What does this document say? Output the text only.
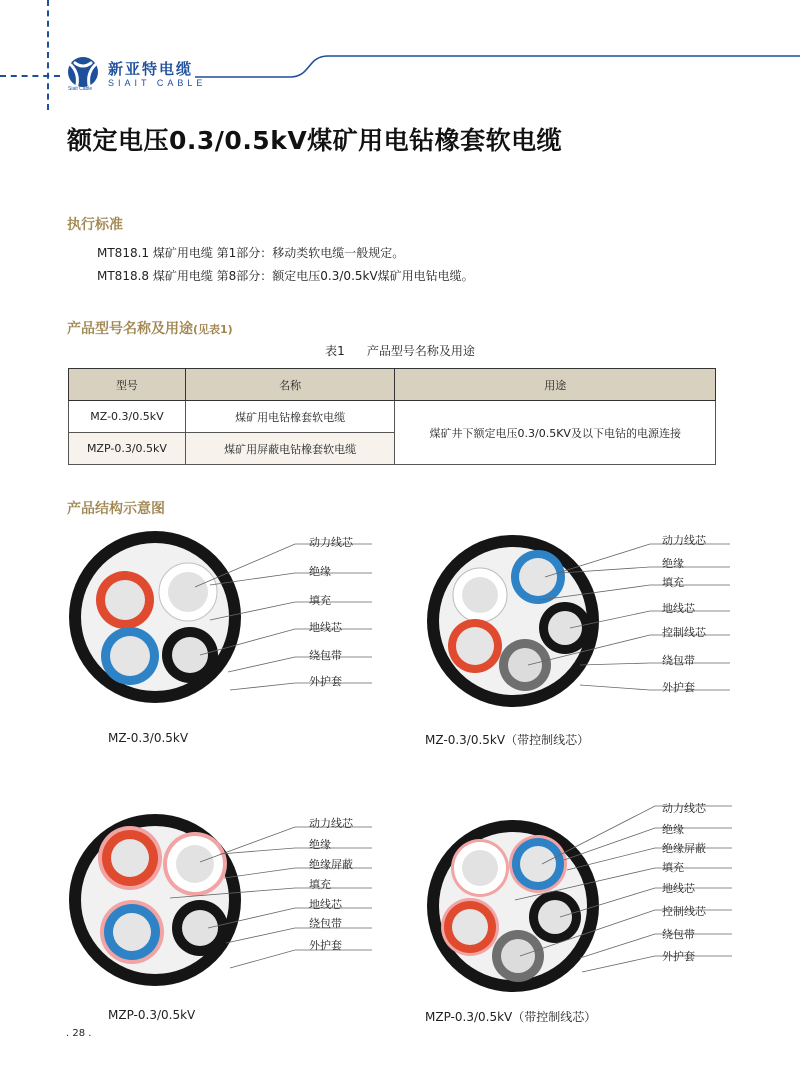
新亚特电缆
SIAIT CABLE
Siait Cable
额定电压0.3/0.5kV煤矿用电钻橡套软电缆
执行标准
MT818.1 煤矿用电缆 第1部分：移动类软电缆一般规定。
MT818.8 煤矿用电缆 第8部分：额定电压0.3/0.5kV煤矿用电钻电缆。
产品型号名称及用途(见表1)
表1 产品型号名称及用途
型号	名称	用途
MZ-0.3/0.5kV	煤矿用电钻橡套软电缆	煤矿井下额定电压0.3/0.5KV及以下电钻的电源连接
MZP-0.3/0.5kV	煤矿用屏蔽电钻橡套软电缆	
产品结构示意图
动力线芯
绝缘
填充
地线芯
绕包带
外护套
MZ-0.3/0.5kV
动力线芯
绝缘
填充
地线芯
控制线芯
绕包带
外护套
MZ-0.3/0.5kV（带控制线芯）
动力线芯
绝缘
绝缘屏蔽
填充
地线芯
绕包带
外护套
MZP-0.3/0.5kV
动力线芯
绝缘
绝缘屏蔽
填充
地线芯
控制线芯
绕包带
外护套
MZP-0.3/0.5kV（带控制线芯）
. 28 .
